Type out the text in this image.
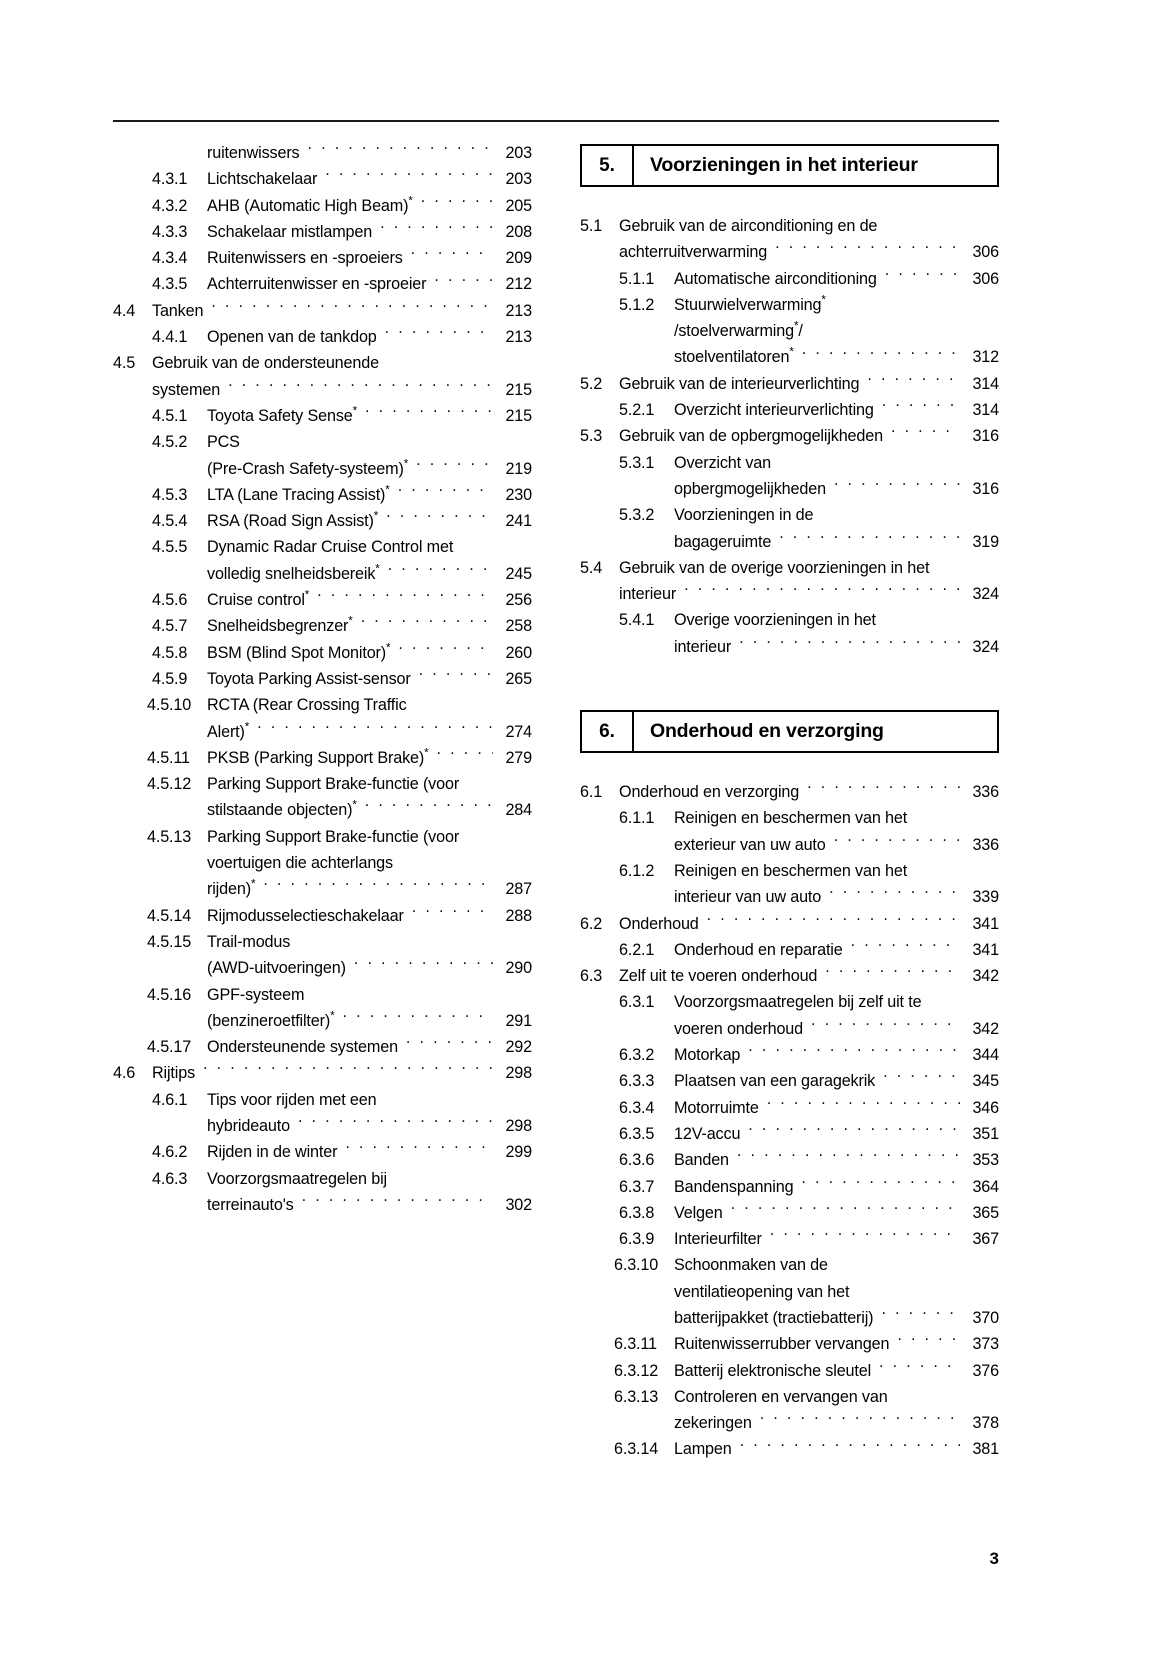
ruitenwissers . . .	203
4.3.1	Lichtschakelaar . . .	203
4.3.2	AHB (Automatic High Beam)* . . .	205
4.3.3	Schakelaar mistlampen . . .	208
4.3.4	Ruitenwissers en -sproeiers . . .	209
4.3.5	Achterruitenwisser en -sproeier . . .	212
4.4	Tanken . . .	213
4.4.1	Openen van de tankdop . . .	213
4.5	Gebruik van de ondersteunende
systemen . . .	215
4.5.1	Toyota Safety Sense* . . .	215
4.5.2	PCS
(Pre-Crash Safety-systeem)* . . .	219
4.5.3	LTA (Lane Tracing Assist)* . . .	230
4.5.4	RSA (Road Sign Assist)* . . .	241
4.5.5	Dynamic Radar Cruise Control met
volledig snelheidsbereik* . . .	245
4.5.6	Cruise control* . . .	256
4.5.7	Snelheidsbegrenzer* . . .	258
4.5.8	BSM (Blind Spot Monitor)* . . .	260
4.5.9	Toyota Parking Assist-sensor . . .	265
4.5.10 RCTA (Rear Crossing Traffic
Alert)* . . .	274
4.5.11	PKSB (Parking Support Brake)* . . .	279
4.5.12 Parking Support Brake-functie (voor
stilstaande objecten)* . . .	284
4.5.13 Parking Support Brake-functie (voor
voertuigen die achterlangs
rijden)* . . .	287
4.5.14 Rijmodusselectieschakelaar . . .	288
4.5.15 Trail-modus
(AWD-uitvoeringen) . . .	290
4.5.16 GPF-systeem
(benzineroetfilter)* . . .	291
4.5.17 Ondersteunende systemen . . .	292
4.6	Rijtips . . .	298
4.6.1	Tips voor rijden met een
hybrideauto . . .	298
4.6.2	Rijden in de winter . . .	299
4.6.3	Voorzorgsmaatregelen bij
terreinauto's . . .	302
5.	Voorzieningen in het interieur
5.1	Gebruik van de airconditioning en de
achterruitverwarming . . .	306
5.1.1	Automatische airconditioning . . .	306
5.1.2	Stuurwielverwarming*
/stoelverwarming*/
stoelventilatoren* . . .	312
5.2	Gebruik van de interieurverlichting . . .	314
5.2.1	Overzicht interieurverlichting . . .	314
5.3	Gebruik van de opbergmogelijkheden . . .	316
5.3.1	Overzicht van
opbergmogelijkheden . . .	316
5.3.2	Voorzieningen in de
bagageruimte . . .	319
5.4	Gebruik van de overige voorzieningen in het
interieur . . .	324
5.4.1	Overige voorzieningen in het
interieur . . .	324
6.	Onderhoud en verzorging
6.1	Onderhoud en verzorging . . .	336
6.1.1	Reinigen en beschermen van het
exterieur van uw auto . . .	336
6.1.2	Reinigen en beschermen van het
interieur van uw auto . . .	339
6.2	Onderhoud . . .	341
6.2.1	Onderhoud en reparatie . . .	341
6.3	Zelf uit te voeren onderhoud . . .	342
6.3.1	Voorzorgsmaatregelen bij zelf uit te
voeren onderhoud . . .	342
6.3.2	Motorkap . . .	344
6.3.3	Plaatsen van een garagekrik . . .	345
6.3.4	Motorruimte . . .	346
6.3.5	12V-accu . . .	351
6.3.6	Banden . . .	353
6.3.7	Bandenspanning . . .	364
6.3.8	Velgen . . .	365
6.3.9	Interieurfilter . . .	367
6.3.10 Schoonmaken van de
ventilatieopening van het
batterijpakket (tractiebatterij) . . .	370
6.3.11	Ruitenwisserrubber vervangen . . .	373
6.3.12 Batterij elektronische sleutel . . .	376
6.3.13 Controleren en vervangen van
zekeringen . . .	378
6.3.14 Lampen . . .	381
3
